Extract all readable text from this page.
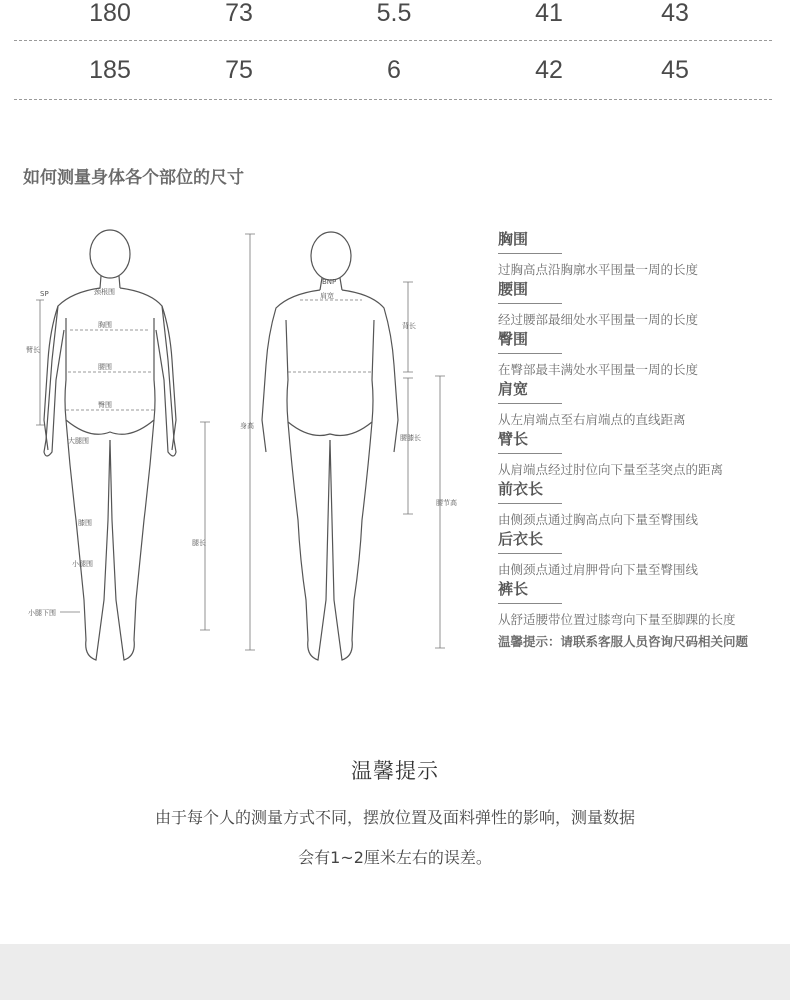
180	73	5.5	41	43
185	75	6	42	45
如何测量身体各个部位的尺寸
SP	颈根围
胸围
臂长
腰围
臀围
大腿围
膝围
小腿围
腿长
小腿下围
BNP
肩宽
背长
身高
腰膝长
腰节高
胸围
过胸高点沿胸廓水平围量一周的长度
腰围
经过腰部最细处水平围量一周的长度
臀围
在臀部最丰满处水平围量一周的长度
肩宽
从左肩端点至右肩端点的直线距离
臂长
从肩端点经过肘位向下量至茎突点的距离
前衣长
由侧颈点通过胸高点向下量至臀围线
后衣长
由侧颈点通过肩胛骨向下量至臀围线
裤长
从舒适腰带位置过膝弯向下量至脚踝的长度
温馨提示：请联系客服人员咨询尺码相关问题
温馨提示
由于每个人的测量方式不同，摆放位置及面料弹性的影响，测量数据
会有1~2厘米左右的误差。
